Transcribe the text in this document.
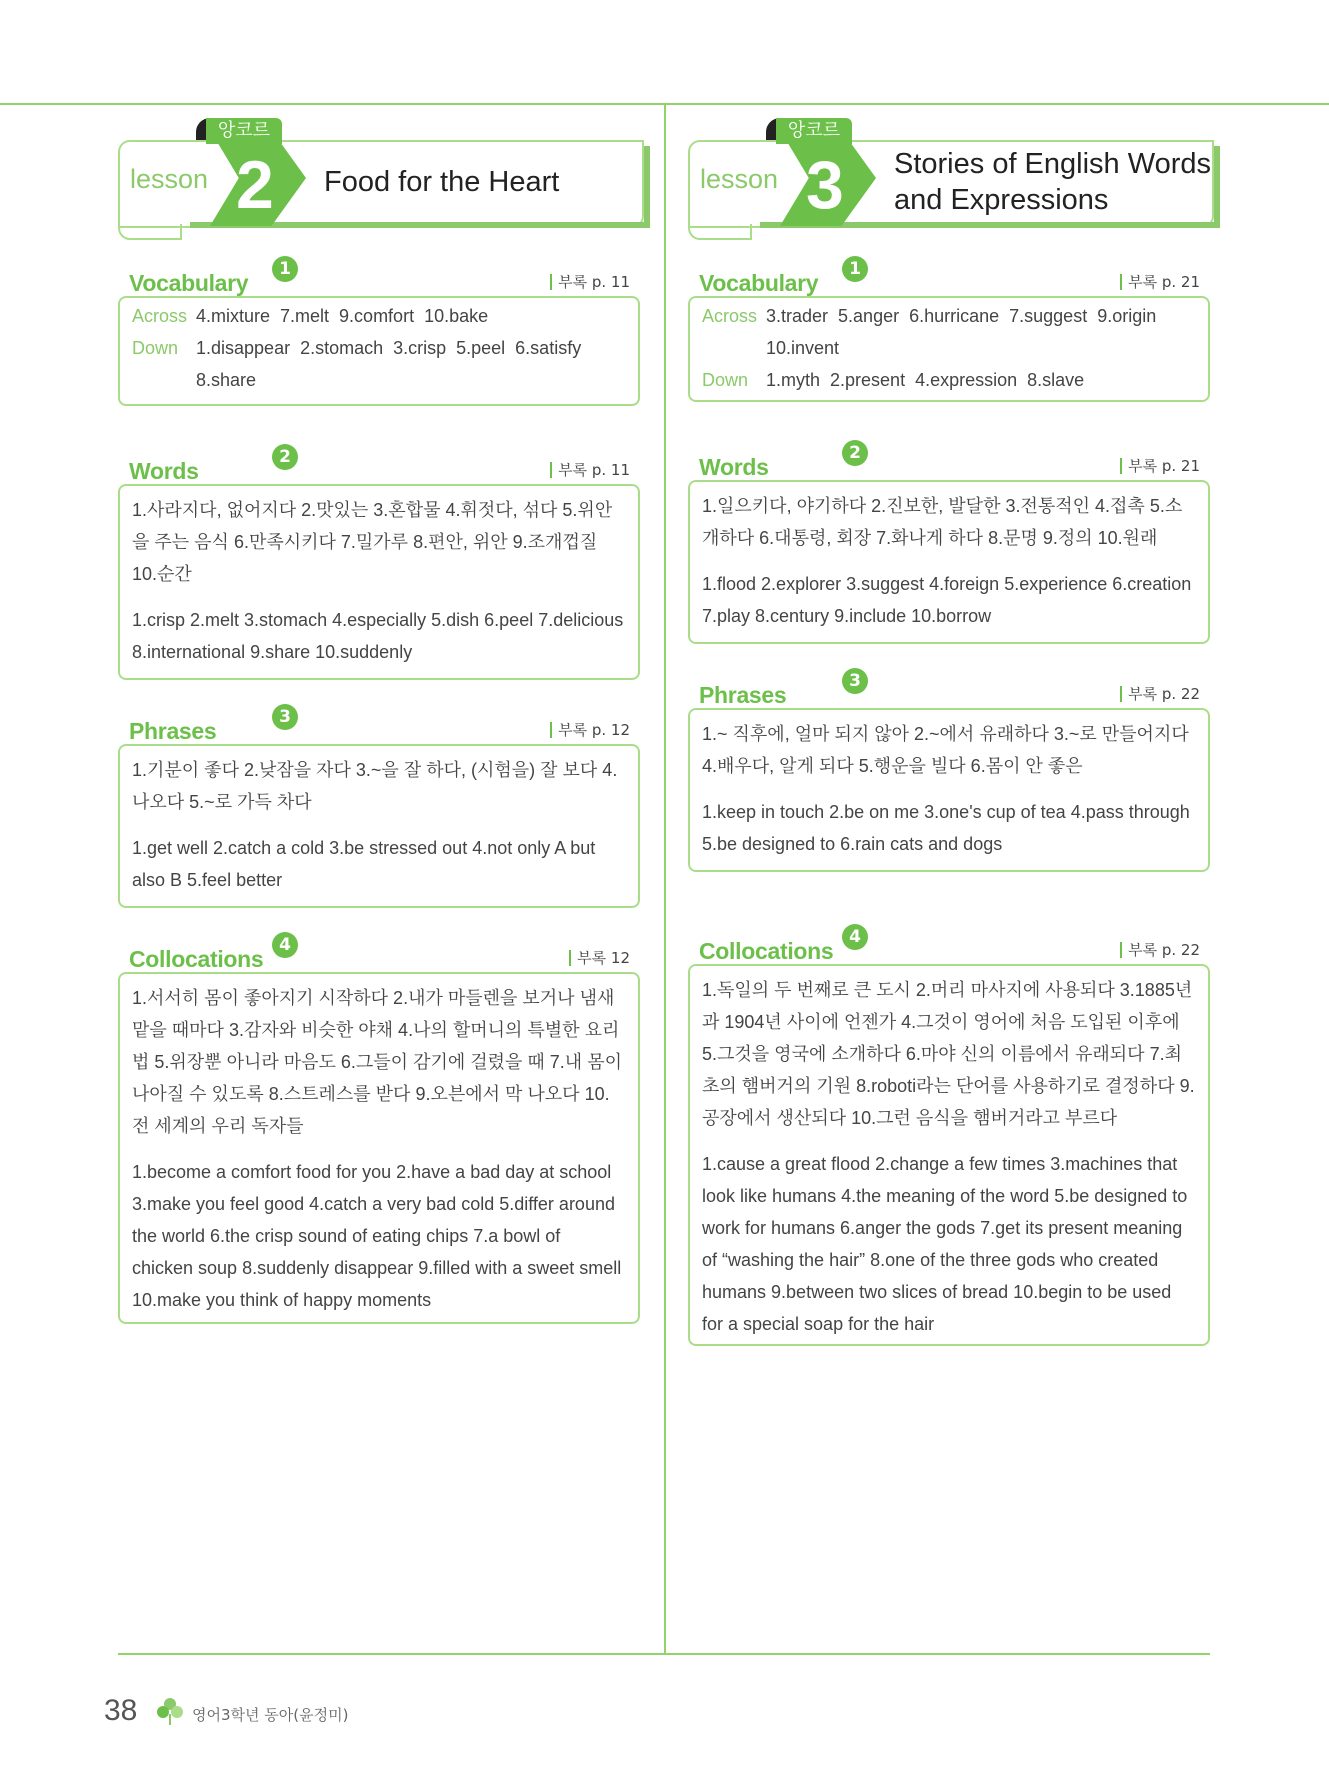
lesson 2
앙코르
Food for the Heart
Vocabulary
1
부록 p. 11
Across 4.mixture  7.melt  9.comfort  10.bake
Down 1.disappear  2.stomach  3.crisp  5.peel  6.satisfy
8.share
Words
2
부록 p. 11

1.사라지다, 없어지다 2.맛있는 3.혼합물 4.휘젓다, 섞다 5.위안을 주는 음식 6.만족시키다 7.밀가루 8.편안, 위안 9.조개껍질 10.순간

1.crisp 2.melt 3.stomach 4.especially 5.dish 6.peel 7.delicious 8.international 9.share 10.suddenly

Phrases
3
부록 p. 12

1.기분이 좋다 2.낮잠을 자다 3.~을 잘 하다, (시험을) 잘 보다 4.나오다 5.~로 가득 차다

1.get well 2.catch a cold 3.be stressed out 4.not only A but also B 5.feel better

Collocations
4
부록 12

1.서서히 몸이 좋아지기 시작하다 2.내가 마들렌을 보거나 냄새 맡을 때마다 3.감자와 비슷한 야채 4.나의 할머니의 특별한 요리법 5.위장뿐 아니라 마음도 6.그들이 감기에 걸렸을 때 7.내 몸이 나아질 수 있도록 8.스트레스를 받다 9.오븐에서 막 나오다 10.전 세계의 우리 독자들

1.become a comfort food for you 2.have a bad day at school 3.make you feel good 4.catch a very bad cold 5.differ around the world 6.the crisp sound of eating chips 7.a bowl of chicken soup 8.suddenly disappear 9.filled with a sweet smell 10.make you think of happy moments

lesson 3
앙코르
Stories of English Words
and Expressions
Vocabulary
1
부록 p. 21
Across 3.trader  5.anger  6.hurricane  7.suggest  9.origin
10.invent
Down 1.myth  2.present  4.expression  8.slave
Words
2
부록 p. 21

1.일으키다, 야기하다 2.진보한, 발달한 3.전통적인 4.접촉 5.소개하다 6.대통령, 회장 7.화나게 하다 8.문명 9.정의 10.원래

1.flood 2.explorer 3.suggest 4.foreign 5.experience 6.creation 7.play 8.century 9.include 10.borrow

Phrases
3
부록 p. 22

1.~ 직후에, 얼마 되지 않아 2.~에서 유래하다 3.~로 만들어지다 4.배우다, 알게 되다 5.행운을 빌다 6.몸이 안 좋은

1.keep in touch 2.be on me 3.one's cup of tea 4.pass through 5.be designed to 6.rain cats and dogs

Collocations
4
부록 p. 22

1.독일의 두 번째로 큰 도시 2.머리 마사지에 사용되다 3.1885년과 1904년 사이에 언젠가 4.그것이 영어에 처음 도입된 이후에 5.그것을 영국에 소개하다 6.마야 신의 이름에서 유래되다 7.최초의 햄버거의 기원 8.roboti라는 단어를 사용하기로 결정하다 9.공장에서 생산되다 10.그런 음식을 햄버거라고 부르다

1.cause a great flood 2.change a few times 3.machines that look like humans 4.the meaning of the word 5.be designed to work for humans 6.anger the gods 7.get its present meaning of “washing the hair” 8.one of the three gods who created humans 9.between two slices of bread 10.begin to be used for a special soap for the hair

38	영어3학년 동아(윤정미)
